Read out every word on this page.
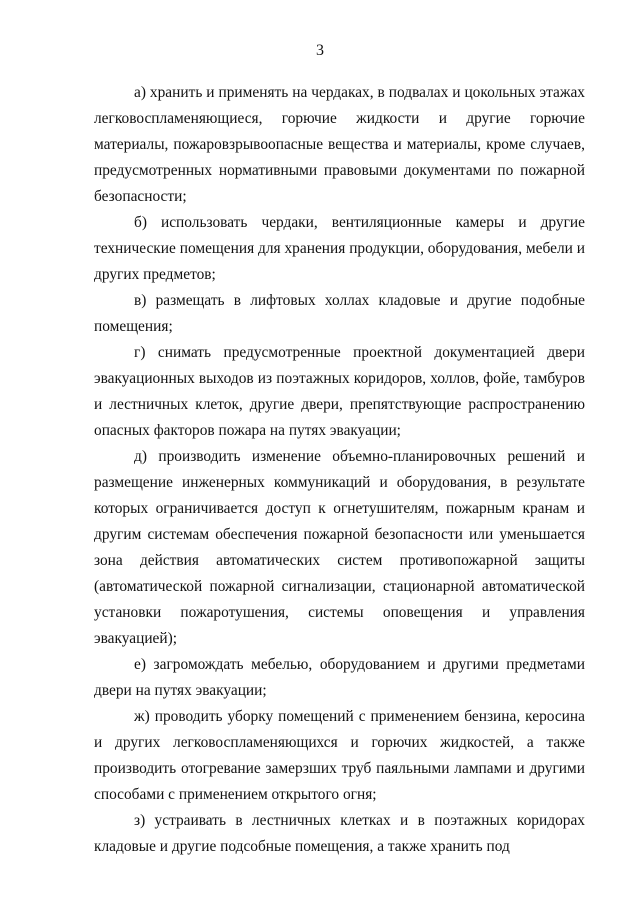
3

а) хранить и применять на чердаках, в подвалах и цокольных этажах легковоспламеняющиеся, горючие жидкости и другие горючие материалы, пожаровзрывоопасные вещества и материалы, кроме случаев, предусмотренных нормативными правовыми документами по пожарной безопасности;

б) использовать чердаки, вентиляционные камеры и другие технические помещения для хранения продукции, оборудования, мебели и других предметов;

в) размещать в лифтовых холлах кладовые и другие подобные помещения;

г) снимать предусмотренные проектной документацией двери эвакуационных выходов из поэтажных коридоров, холлов, фойе, тамбуров и лестничных клеток, другие двери, препятствующие распространению опасных факторов пожара на путях эвакуации;

д) производить изменение объемно-планировочных решений и размещение инженерных коммуникаций и оборудования, в результате которых ограничивается доступ к огнетушителям, пожарным кранам и другим системам обеспечения пожарной безопасности или уменьшается зона действия автоматических систем противопожарной защиты (автоматической пожарной сигнализации, стационарной автоматической установки пожаротушения, системы оповещения и управления эвакуацией);

е) загромождать мебелью, оборудованием и другими предметами двери на путях эвакуации;

ж) проводить уборку помещений с применением бензина, керосина и других легковоспламеняющихся и горючих жидкостей, а также производить отогревание замерзших труб паяльными лампами и другими способами с применением открытого огня;

з) устраивать в лестничных клетках и в поэтажных коридорах кладовые и другие подсобные помещения, а также хранить под
